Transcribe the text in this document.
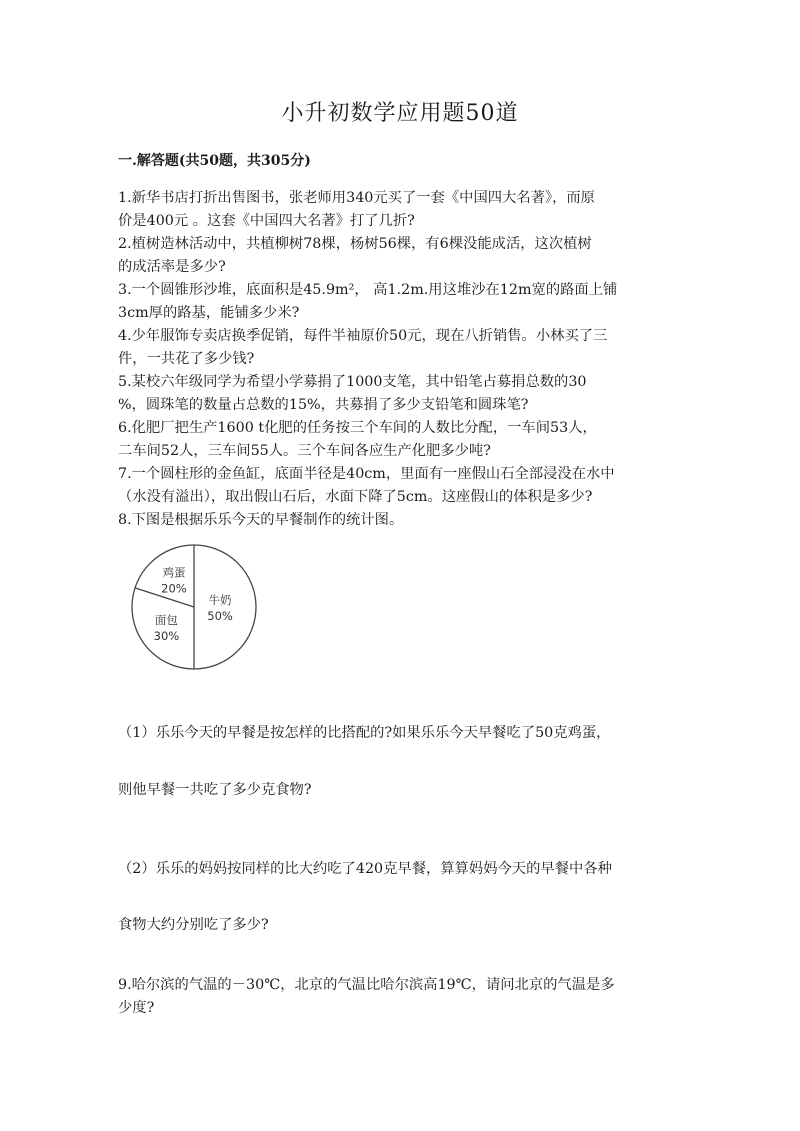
小升初数学应用题50道
一.解答题(共50题，共305分)
1.新华书店打折出售图书，张老师用340元买了一套《中国四大名著》，而原
价是400元 。这套《中国四大名著》打了几折?
2.植树造林活动中，共植柳树78棵，杨树56棵，有6棵没能成活，这次植树
的成活率是多少?
3.一个圆锥形沙堆，底面积是45.9m²， 高1.2m.用这堆沙在12m宽的路面上铺
3cm厚的路基，能铺多少米?
4.少年服饰专卖店换季促销，每件半袖原价50元，现在八折销售。小林买了三
件，一共花了多少钱?
5.某校六年级同学为希望小学募捐了1000支笔，其中铅笔占募捐总数的30
%，圆珠笔的数量占总数的15%，共募捐了多少支铅笔和圆珠笔?
6.化肥厂把生产1600 t化肥的任务按三个车间的人数比分配，一车间53人，
二车间52人，三车间55人。三个车间各应生产化肥多少吨?
7.一个圆柱形的金鱼缸，底面半径是40cm，里面有一座假山石全部浸没在水中
（水没有溢出），取出假山石后，水面下降了5cm。这座假山的体积是多少?
8.下图是根据乐乐今天的早餐制作的统计图。
牛奶
50%
面包
30%
鸡蛋
20%
（1）乐乐今天的早餐是按怎样的比搭配的?如果乐乐今天早餐吃了50克鸡蛋，
则他早餐一共吃了多少克食物?
（2）乐乐的妈妈按同样的比大约吃了420克早餐，算算妈妈今天的早餐中各种
食物大约分别吃了多少?
9.哈尔滨的气温的－30℃，北京的气温比哈尔滨高19℃，请问北京的气温是多
少度?
